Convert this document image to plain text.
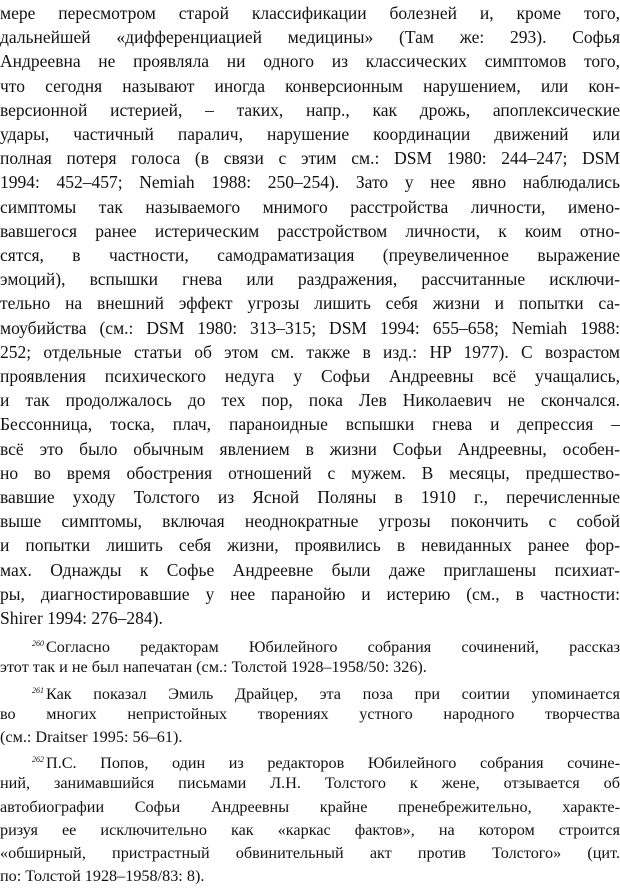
мере пересмотром старой классификации болезней и, кроме того,
дальнейшей «дифференциацией медицины» (Там же: 293). Софья
Андреевна не проявляла ни одного из классических симптомов того,
что сегодня называют иногда конверсионным нарушением, или кон-
версионной истерией, – таких, напр., как дрожь, апоплексические
удары, частичный паралич, нарушение координации движений или
полная потеря голоса (в связи с этим см.: DSM 1980: 244–247; DSM
1994: 452–457; Nemiah 1988: 250–254). Зато у нее явно наблюдались
симптомы так называемого мнимого расстройства личности, имено-
вавшегося ранее истерическим расстройством личности, к коим отно-
сятся, в частности, самодраматизация (преувеличенное выражение
эмоций), вспышки гнева или раздражения, рассчитанные исключи-
тельно на внешний эффект угрозы лишить себя жизни и попытки са-
моубийства (см.: DSM 1980: 313–315; DSM 1994: 655–658; Nemiah 1988:
252; отдельные статьи об этом см. также в изд.: HP 1977). С возрастом
проявления психического недуга у Софьи Андреевны всё учащались,
и так продолжалось до тех пор, пока Лев Николаевич не скончался.
Бессонница, тоска, плач, параноидные вспышки гнева и депрессия –
всё это было обычным явлением в жизни Софьи Андреевны, особен-
но во время обострения отношений с мужем. В месяцы, предшество-
вавшие уходу Толстого из Ясной Поляны в 1910 г., перечисленные
выше симптомы, включая неоднократные угрозы покончить с собой
и попытки лишить себя жизни, проявились в невиданных ранее фор-
мах. Однажды к Софье Андреевне были даже приглашены психиат-
ры, диагностировавшие у нее паранойю и истерию (см., в частности:
Shirer 1994: 276–284).
$^{260}$ Согласно редакторам Юбилейного собрания сочинений, рассказ
этот так и не был напечатан (см.: Толстой 1928–1958/50: 326).
$^{261}$ Как показал Эмиль Драйцер, эта поза при соитии упоминается
во многих непристойных творениях устного народного творчества
(см.: Draitser 1995: 56–61).
$^{262}$ П.С. Попов, один из редакторов Юбилейного собрания сочине-
ний, занимавшийся письмами Л.Н. Толстого к жене, отзывается об
автобиографии Софьи Андреевны крайне пренебрежительно, характе-
ризуя ее исключительно как «каркас фактов», на котором строится
«обширный, пристрастный обвинительный акт против Толстого» (цит.
по: Толстой 1928–1958/83: 8).
